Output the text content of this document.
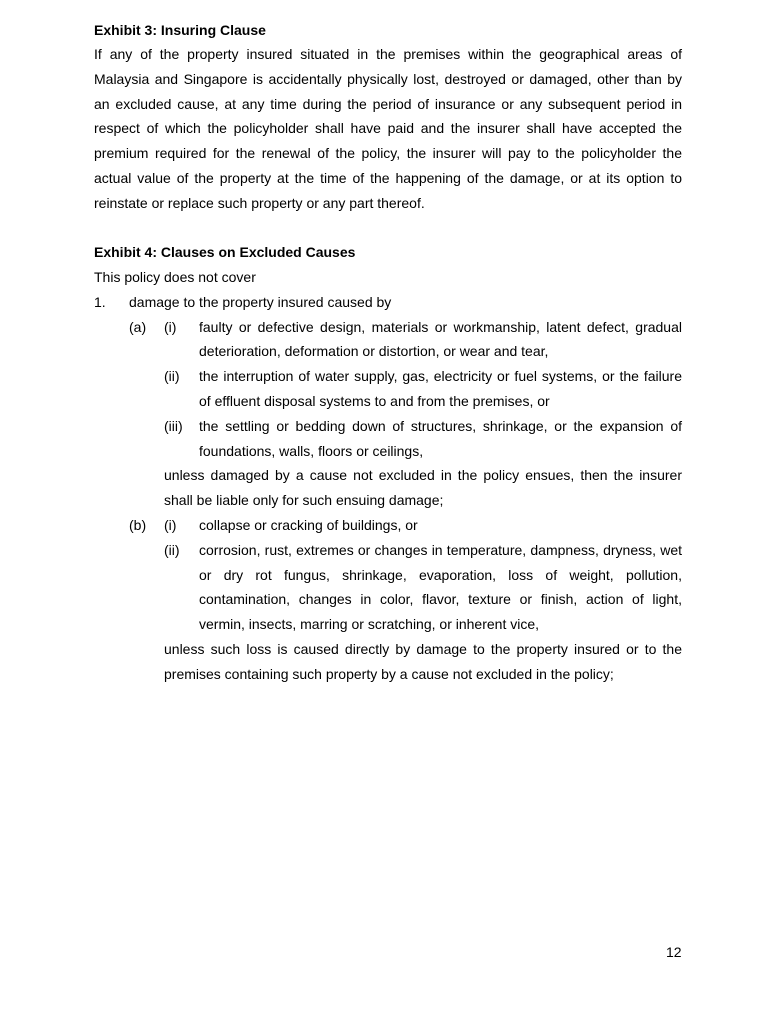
Exhibit 3: Insuring Clause

If any of the property insured situated in the premises within the geographical areas of Malaysia and Singapore is accidentally physically lost, destroyed or damaged, other than by an excluded cause, at any time during the period of insurance or any subsequent period in respect of which the policyholder shall have paid and the insurer shall have accepted the premium required for the renewal of the policy, the insurer will pay to the policyholder the actual value of the property at the time of the happening of the damage, or at its option to reinstate or replace such property or any part thereof.

Exhibit 4: Clauses on Excluded Causes

This policy does not cover

1. damage to the property insured caused by
(a) (i) faulty or defective design, materials or workmanship, latent defect, gradual deterioration, deformation or distortion, or wear and tear,
(ii) the interruption of water supply, gas, electricity or fuel systems, or the failure of effluent disposal systems to and from the premises, or
(iii) the settling or bedding down of structures, shrinkage, or the expansion of foundations, walls, floors or ceilings,
unless damaged by a cause not excluded in the policy ensues, then the insurer shall be liable only for such ensuing damage;
(b) (i) collapse or cracking of buildings, or
(ii) corrosion, rust, extremes or changes in temperature, dampness, dryness, wet or dry rot fungus, shrinkage, evaporation, loss of weight, pollution, contamination, changes in color, flavor, texture or finish, action of light, vermin, insects, marring or scratching, or inherent vice,
unless such loss is caused directly by damage to the property insured or to the premises containing such property by a cause not excluded in the policy;
12
